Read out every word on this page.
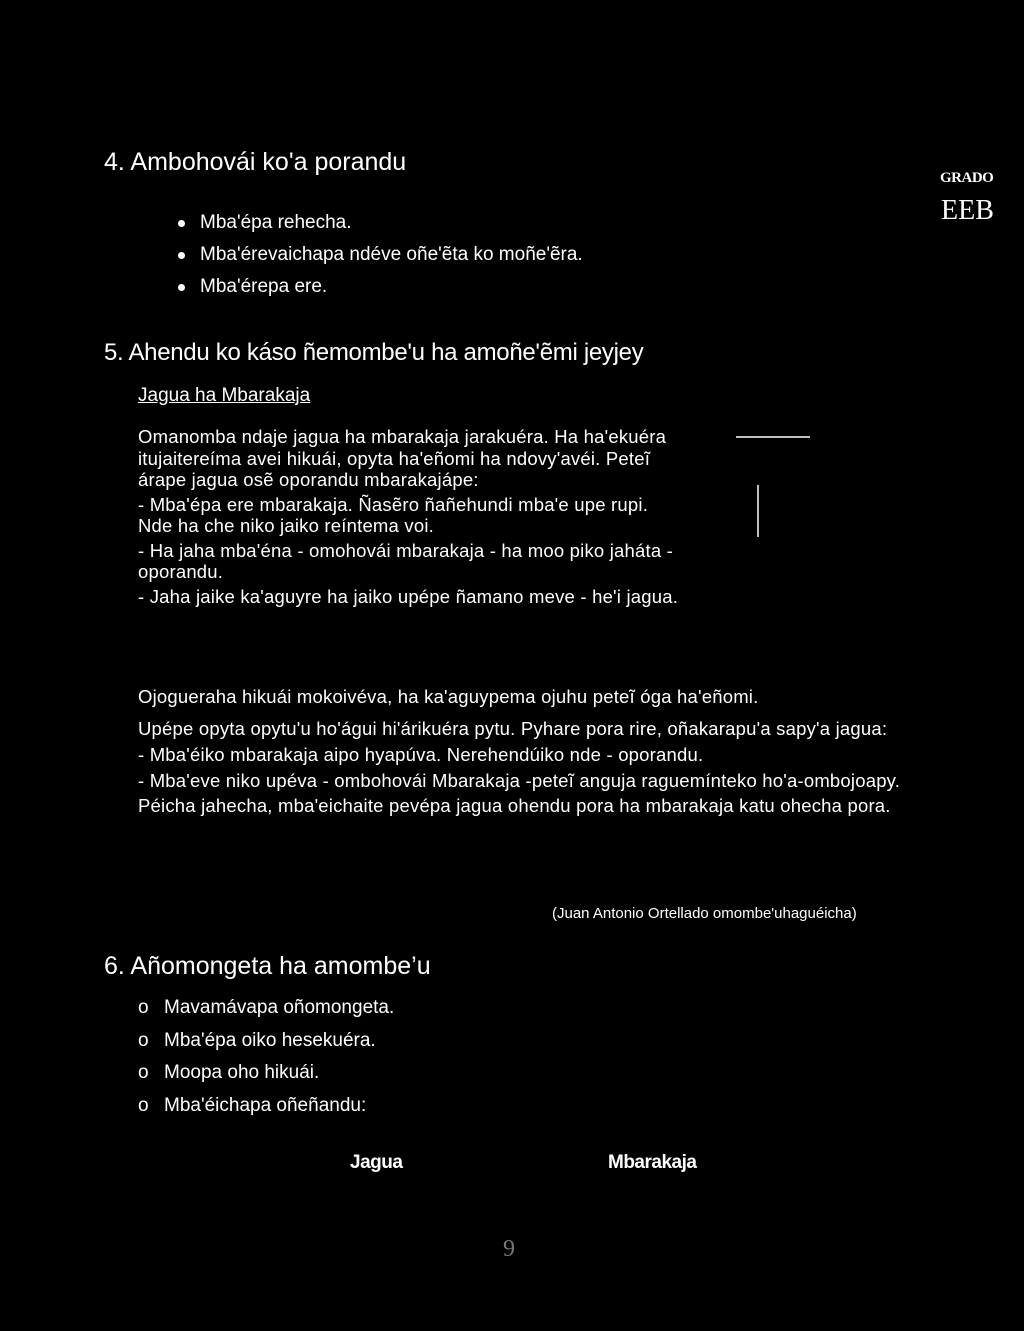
4. Ambohovái ko'a porandu
Mba'épa rehecha.
Mba'érevaichapa ndéve oñe'ẽta ko moñe'ẽra.
Mba'érepa ere.
GRADO
EEB
5. Ahendu ko káso ñemombe'u ha amoñe'ẽmi jeyjey
Jagua ha Mbarakaja

Omanomba ndaje jagua ha mbarakaja jarakuéra. Ha ha'ekuéra itujaitereíma avei hikuái, opyta ha'eñomi ha ndovy'avéi. Peteĩ árape jagua osẽ oporandu mbarakajápe:

- Mba'épa ere mbarakaja. Ñasẽro ñañehundi mba'e upe rupi. Nde ha che niko jaiko reíntema voi.

- Ha jaha mba'éna - omohovái mbarakaja - ha moo piko jaháta - oporandu.

- Jaha jaike ka'aguyre ha jaiko upépe ñamano meve - he'i jagua.

Ojogueraha hikuái mokoivéva, ha ka'aguypema ojuhu peteĩ óga ha'eñomi.

Upépe opyta opytu'u ho'águi hi'árikuéra pytu. Pyhare pora rire, oñakarapu'a sapy'a jagua:

- Mba'éiko mbarakaja aipo hyapúva. Nerehendúiko nde - oporandu.

- Mba'eve niko upéva - ombohovái Mbarakaja -peteĩ anguja raguemínteko ho'a-ombojoapy.

Péicha jahecha, mba'eichaite pevépa jagua ohendu pora ha mbarakaja katu ohecha pora.

(Juan Antonio Ortellado omombe'uhaguéicha)
6. Añomongeta ha amombe’u
o Mavamávapa oñomongeta.
o Mba'épa oiko hesekuéra.
o Moopa oho hikuái.
o Mba'éichapa oñeñandu:
Jagua	Mbarakaja
9
